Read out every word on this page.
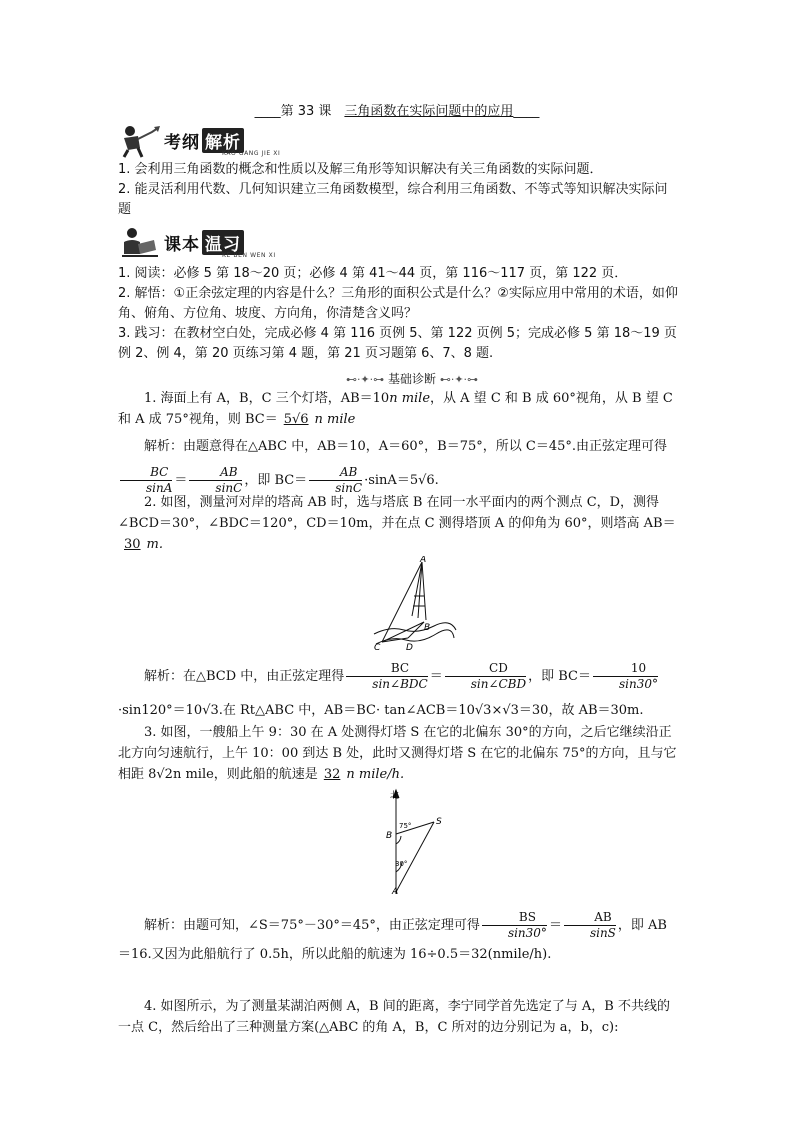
____第 33 课　三角函数在实际问题中的应用____
考纲 解析
KAO GANG JIE XI
1. 会利用三角函数的概念和性质以及解三角形等知识解决有关三角函数的实际问题．
2. 能灵活利用代数、几何知识建立三角函数模型，综合利用三角函数、不等式等知识解决实际问题
课本 温习
KE BEN WEN XI
1. 阅读：必修 5 第 18～20 页；必修 4 第 41～44 页，第 116～117 页，第 122 页．
2. 解悟：①正余弦定理的内容是什么？三角形的面积公式是什么？②实际应用中常用的术语，如仰角、俯角、方位角、坡度、方向角，你清楚含义吗？
3. 践习：在教材空白处，完成必修 4 第 116 页例 5、第 122 页例 5；完成必修 5 第 18～19 页例 2、例 4，第 20 页练习第 4 题，第 21 页习题第 6、7、8 题.
⊷·✦·⊶ 基础诊断 ⊷·✦·⊶

1. 海面上有 A，B，C 三个灯塔，AB＝10n mile，从 A 望 C 和 B 成 60°视角，从 B 望 C 和 A 成 75°视角，则 BC＝ 5√6 n mile

解析：由题意得在△ABC 中，AB＝10，A＝60°，B＝75°，所以 C＝45°.由正弦定理可得
$\frac{BC}{\sin A} = \frac{AB}{\sin C}$ ，即 $BC= \frac{AB}{\sin C} \cdot\sin A=5√6$.

2. 如图，测量河对岸的塔高 AB 时，选与塔底 B 在同一水平面内的两个测点 C，D，测得∠BCD＝30°，∠BDC＝120°，CD＝10m，并在点 C 测得塔顶 A 的仰角为 60°，则塔高 AB＝30 m.

A
B
C	D

解析：在△BCD 中，由正弦定理得 $\frac{BC}{\text{sin∠BDC}} = \frac{CD}{\text{sin∠CBD}}$ ，即 $BC= \frac{10}{\sin 30^\circ}$
·sin120°＝10√3.在 Rt△ABC 中，AB＝BC· tan∠ACB＝10√3×√3＝30，故 AB＝30m.

3. 如图，一艘船上午 9：30 在 A 处测得灯塔 S 在它的北偏东 30°的方向，之后它继续沿正北方向匀速航行，上午 10：00 到达 B 处，此时又测得灯塔 S 在它的北偏东 75°的方向，且与它相距 8√2n mile，则此船的航速是 32 n mile/h.

北
B
S
A
75°
30°

解析：由题可知，∠S＝75°－30°＝45°，由正弦定理可得 $\frac{BS}{\sin 30^\circ} = \frac{AB}{\sin S}$ ，即 AB＝16.又因为此船航行了 0.5h，所以此船的航速为 16÷0.5＝32(nmile/h).

4. 如图所示，为了测量某湖泊两侧 A，B 间的距离，李宁同学首先选定了与 A，B 不共线的一点 C，然后给出了三种测量方案(△ABC 的角 A，B，C 所对的边分别记为 a，b，c):
